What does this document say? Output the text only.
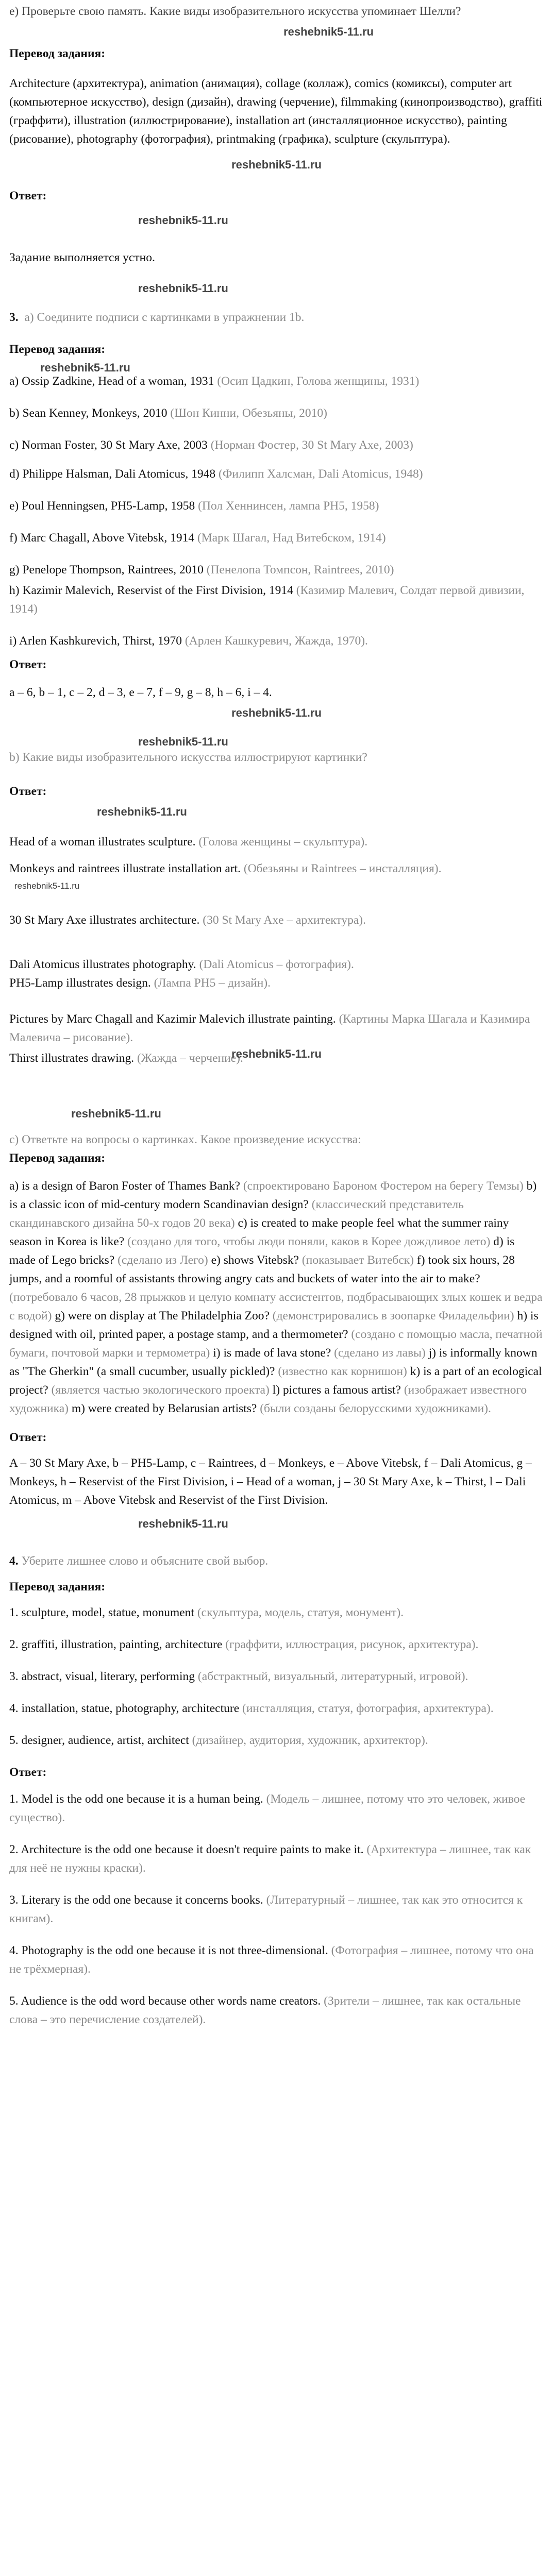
e) Проверьте свою память. Какие виды изобразительного искусства упоминает Шелли?

reshebnik5-11.ru
Перевод задания:

Architecture (архитектура), animation (анимация), collage (коллаж), comics (комиксы), computer art (компьютерное искусство), design (дизайн), drawing (черчение), filmmaking (кинопроизводство), graffiti (граффити), illustration (иллюстрирование), installation art (инсталляционное искусство), painting (рисование), photography (фотография), printmaking (графика), sculpture (скульптура).

reshebnik5-11.ru
Ответ:
reshebnik5-11.ru

Задание выполняется устно.

reshebnik5-11.ru

3. а) Соедините подписи с картинками в упражнении 1b.

Перевод задания:
reshebnik5-11.ru

a) Ossip Zadkine, Head of a woman, 1931 (Осип Цадкин, Голова женщины, 1931)

b) Sean Kenney, Monkeys, 2010 (Шон Кинни, Обезьяны, 2010)

c) Norman Foster, 30 St Mary Axe, 2003 (Норман Фостер, 30 St Mary Axe, 2003)

d) Philippe Halsman, Dali Atomicus, 1948 (Филипп Халсман, Dali Atomicus, 1948)

e) Poul Henningsen, PH5-Lamp, 1958 (Пол Хеннинсен, лампа PH5, 1958)

f) Marc Chagall, Above Vitebsk, 1914 (Марк Шагал, Над Витебском, 1914)

g) Penelope Thompson, Raintrees, 2010 (Пенелопа Томпсон, Raintrees, 2010)

h) Kazimir Malevich, Reservist of the First Division, 1914 (Казимир Малевич, Солдат первой дивизии, 1914)

i) Arlen Kashkurevich, Thirst, 1970 (Арлен Кашкуревич, Жажда, 1970).

Ответ:

a – 6, b – 1, c – 2, d – 3, e – 7, f – 9, g – 8, h – 6, i – 4.

reshebnik5-11.ru
reshebnik5-11.ru

b) Какие виды изобразительного искусства иллюстрируют картинки?

Ответ:
reshebnik5-11.ru

Head of a woman illustrates sculpture. (Голова женщины – скульптура).

Monkeys and raintrees illustrate installation art. (Обезьяны и Raintrees – инсталляция).

reshebnik5-11.ru

30 St Mary Axe illustrates architecture. (30 St Mary Axe – архитектура).

Dali Atomicus illustrates photography. (Dali Atomicus – фотография).

PH5-Lamp illustrates design. (Лампа PH5 – дизайн).

Pictures by Marc Chagall and Kazimir Malevich illustrate painting. (Картины Марка Шагала и Казимира Малевича – рисование).

Thirst illustrates drawing. (Жажда – черчение).

reshebnik5-11.ru
reshebnik5-11.ru

c) Ответьте на вопросы о картинках. Какое произведение искусства:

Перевод задания:

a) is a design of Baron Foster of Thames Bank? (спроектировано Бароном Фостером на берегу Темзы) b) is a classic icon of mid-century modern Scandinavian design? (классический представитель скандинавского дизайна 50-х годов 20 века) c) is created to make people feel what the summer rainy season in Korea is like? (создано для того, чтобы люди поняли, каков в Корее дождливое лето) d) is made of Lego bricks? (сделано из Лего) e) shows Vitebsk? (показывает Витебск) f) took six hours, 28 jumps, and a roomful of assistants throwing angry cats and buckets of water into the air to make? (потребовало 6 часов, 28 прыжков и целую комнату ассистентов, подбрасывающих злых кошек и ведра с водой) g) were on display at The Philadelphia Zoo? (демонстрировались в зоопарке Филадельфии) h) is designed with oil, printed paper, a postage stamp, and a thermometer? (создано с помощью масла, печатной бумаги, почтовой марки и термометра) i) is made of lava stone? (сделано из лавы) j) is informally known as "The Gherkin" (a small cucumber, usually pickled)? (известно как корнишон) k) is a part of an ecological project? (является частью экологического проекта) l) pictures a famous artist? (изображает известного художника) m) were created by Belarusian artists? (были созданы белорусскими художниками).

Ответ:

A – 30 St Mary Axe, b – PH5-Lamp, c – Raintrees, d – Monkeys, e – Above Vitebsk, f – Dali Atomicus, g – Monkeys, h – Reservist of the First Division, i – Head of a woman, j – 30 St Mary Axe, k – Thirst, l – Dali Atomicus, m – Above Vitebsk and Reservist of the First Division.

reshebnik5-11.ru

4. Уберите лишнее слово и объясните свой выбор.

Перевод задания:

1. sculpture, model, statue, monument (скульптура, модель, статуя, монумент).

2. graffiti, illustration, painting, architecture (граффити, иллюстрация, рисунок, архитектура).

3. abstract, visual, literary, performing (абстрактный, визуальный, литературный, игровой).

4. installation, statue, photography, architecture (инсталляция, статуя, фотография, архитектура).

5. designer, audience, artist, architect (дизайнер, аудитория, художник, архитектор).

Ответ:

1. Model is the odd one because it is a human being. (Модель – лишнее, потому что это человек, живое существо).

2. Architecture is the odd one because it doesn't require paints to make it. (Архитектура – лишнее, так как для неё не нужны краски).

3. Literary is the odd one because it concerns books. (Литературный – лишнее, так как это относится к книгам).

4. Photography is the odd one because it is not three-dimensional. (Фотография – лишнее, потому что она не трёхмерная).

5. Audience is the odd word because other words name creators. (Зрители – лишнее, так как остальные слова – это перечисление создателей).
